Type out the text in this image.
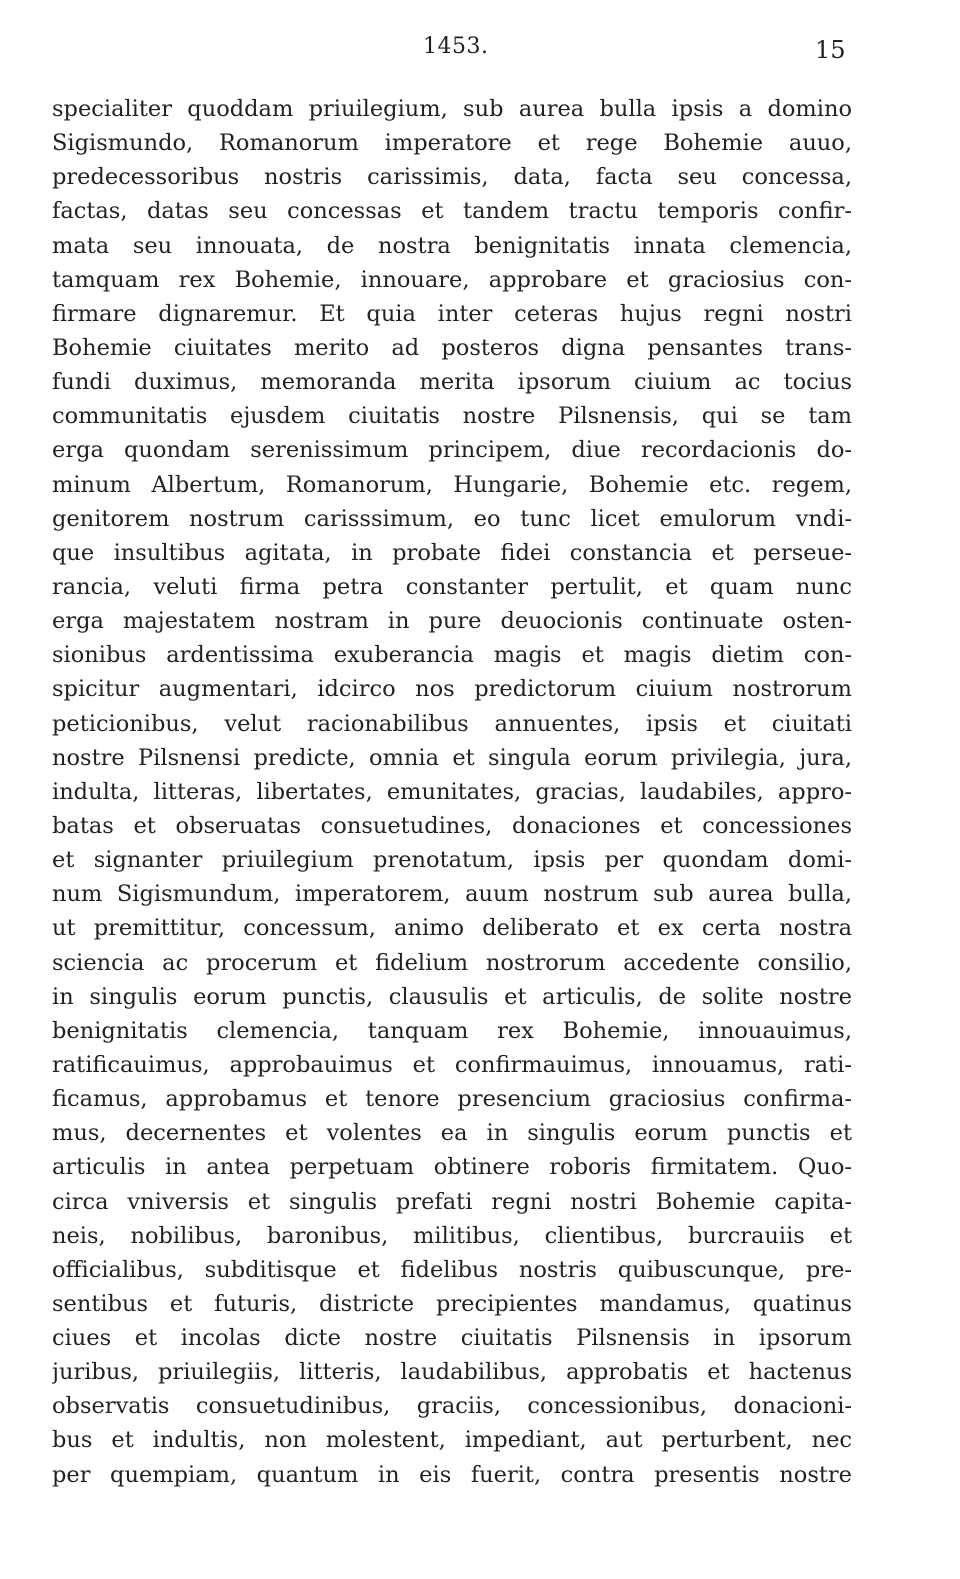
1453.	15
specialiter quoddam priuilegium, sub aurea bulla ipsis a domino
Sigismundo, Romanorum imperatore et rege Bohemie auuo,
predecessoribus nostris carissimis, data, facta seu concessa,
factas, datas seu concessas et tandem tractu temporis confir-
mata seu innouata, de nostra benignitatis innata clemencia,
tamquam rex Bohemie, innouare, approbare et graciosius con-
firmare dignaremur. Et quia inter ceteras hujus regni nostri
Bohemie ciuitates merito ad posteros digna pensantes trans-
fundi duximus, memoranda merita ipsorum ciuium ac tocius
communitatis ejusdem ciuitatis nostre Pilsnensis, qui se tam
erga quondam serenissimum principem, diue recordacionis do-
minum Albertum, Romanorum, Hungarie, Bohemie etc. regem,
genitorem nostrum carisssimum, eo tunc licet emulorum vndi-
que insultibus agitata, in probate fidei constancia et perseue-
rancia, veluti firma petra constanter pertulit, et quam nunc
erga majestatem nostram in pure deuocionis continuate osten-
sionibus ardentissima exuberancia magis et magis dietim con-
spicitur augmentari, idcirco nos predictorum ciuium nostrorum
peticionibus, velut racionabilibus annuentes, ipsis et ciuitati
nostre Pilsnensi predicte, omnia et singula eorum privilegia, jura,
indulta, litteras, libertates, emunitates, gracias, laudabiles, appro-
batas et obseruatas consuetudines, donaciones et concessiones
et signanter priuilegium prenotatum, ipsis per quondam domi-
num Sigismundum, imperatorem, auum nostrum sub aurea bulla,
ut premittitur, concessum, animo deliberato et ex certa nostra
sciencia ac procerum et fidelium nostrorum accedente consilio,
in singulis eorum punctis, clausulis et articulis, de solite nostre
benignitatis clemencia, tanquam rex Bohemie, innouauimus,
ratificauimus, approbauimus et confirmauimus, innouamus, rati-
ficamus, approbamus et tenore presencium graciosius confirma-
mus, decernentes et volentes ea in singulis eorum punctis et
articulis in antea perpetuam obtinere roboris firmitatem. Quo-
circa vniversis et singulis prefati regni nostri Bohemie capita-
neis, nobilibus, baronibus, militibus, clientibus, burcrauiis et
officialibus, subditisque et fidelibus nostris quibuscunque, pre-
sentibus et futuris, districte precipientes mandamus, quatinus
ciues et incolas dicte nostre ciuitatis Pilsnensis in ipsorum
juribus, priuilegiis, litteris, laudabilibus, approbatis et hactenus
observatis consuetudinibus, graciis, concessionibus, donacioni-
bus et indultis, non molestent, impediant, aut perturbent, nec
per quempiam, quantum in eis fuerit, contra presentis nostre
